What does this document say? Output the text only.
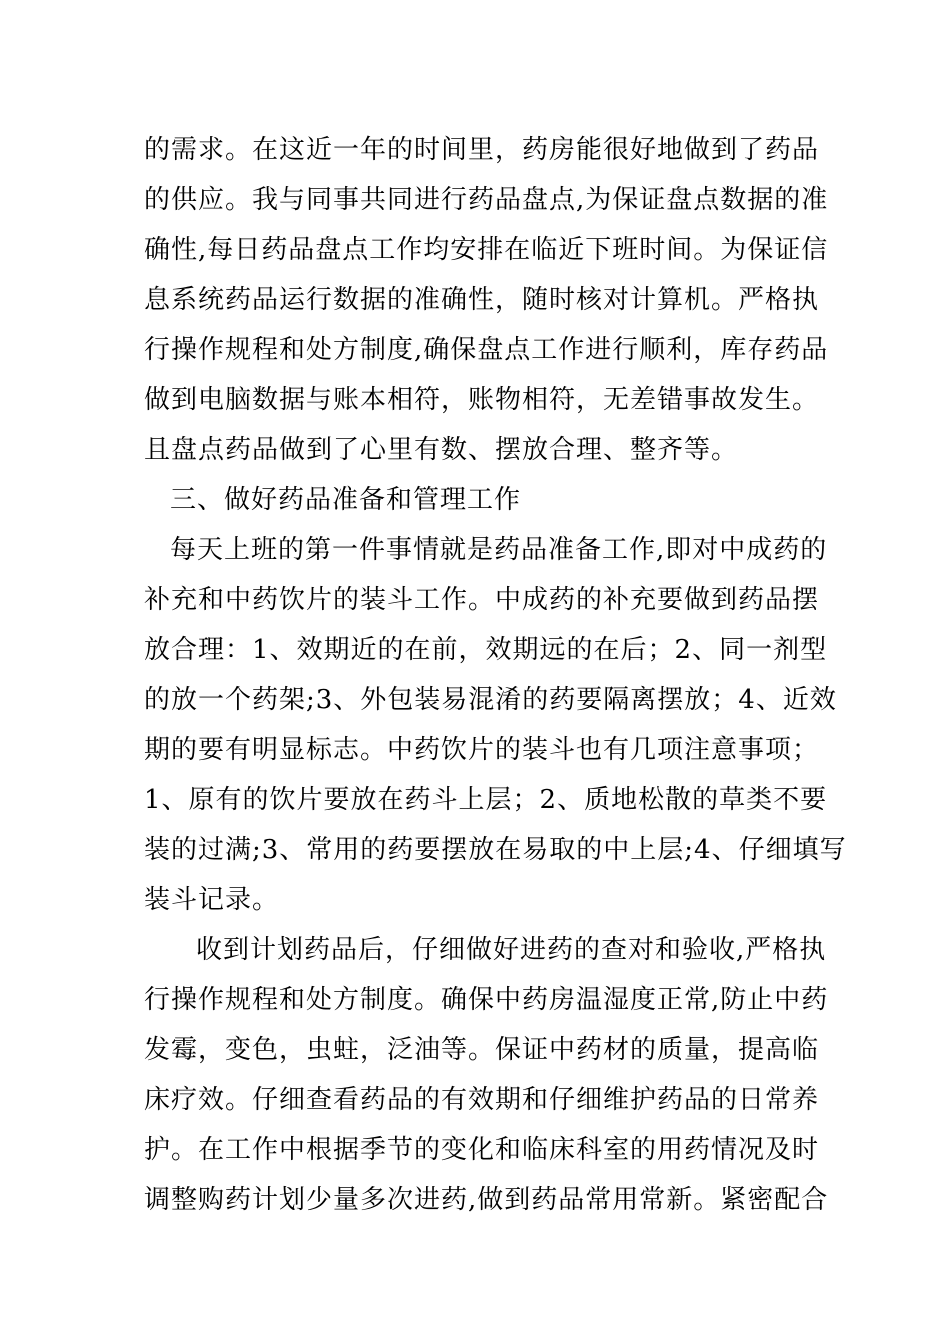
的需求。在这近一年的时间里，药房能很好地做到了药品
的供应。我与同事共同进行药品盘点,为保证盘点数据的准
确性,每日药品盘点工作均安排在临近下班时间。为保证信
息系统药品运行数据的准确性，随时核对计算机。严格执
行操作规程和处方制度,确保盘点工作进行顺利，库存药品
做到电脑数据与账本相符，账物相符，无差错事故发生。
且盘点药品做到了心里有数、摆放合理、整齐等。
三、做好药品准备和管理工作
每天上班的第一件事情就是药品准备工作,即对中成药的
补充和中药饮片的装斗工作。中成药的补充要做到药品摆
放合理：1、效期近的在前，效期远的在后；2、同一剂型
的放一个药架;3、外包装易混淆的药要隔离摆放；4、近效
期的要有明显标志。中药饮片的装斗也有几项注意事项；
1、原有的饮片要放在药斗上层；2、质地松散的草类不要
装的过满;3、常用的药要摆放在易取的中上层;4、仔细填写
装斗记录。
收到计划药品后，仔细做好进药的查对和验收,严格执
行操作规程和处方制度。确保中药房温湿度正常,防止中药
发霉，变色，虫蛀，泛油等。保证中药材的质量，提高临
床疗效。仔细查看药品的有效期和仔细维护药品的日常养
护。在工作中根据季节的变化和临床科室的用药情况及时
调整购药计划少量多次进药,做到药品常用常新。紧密配合
